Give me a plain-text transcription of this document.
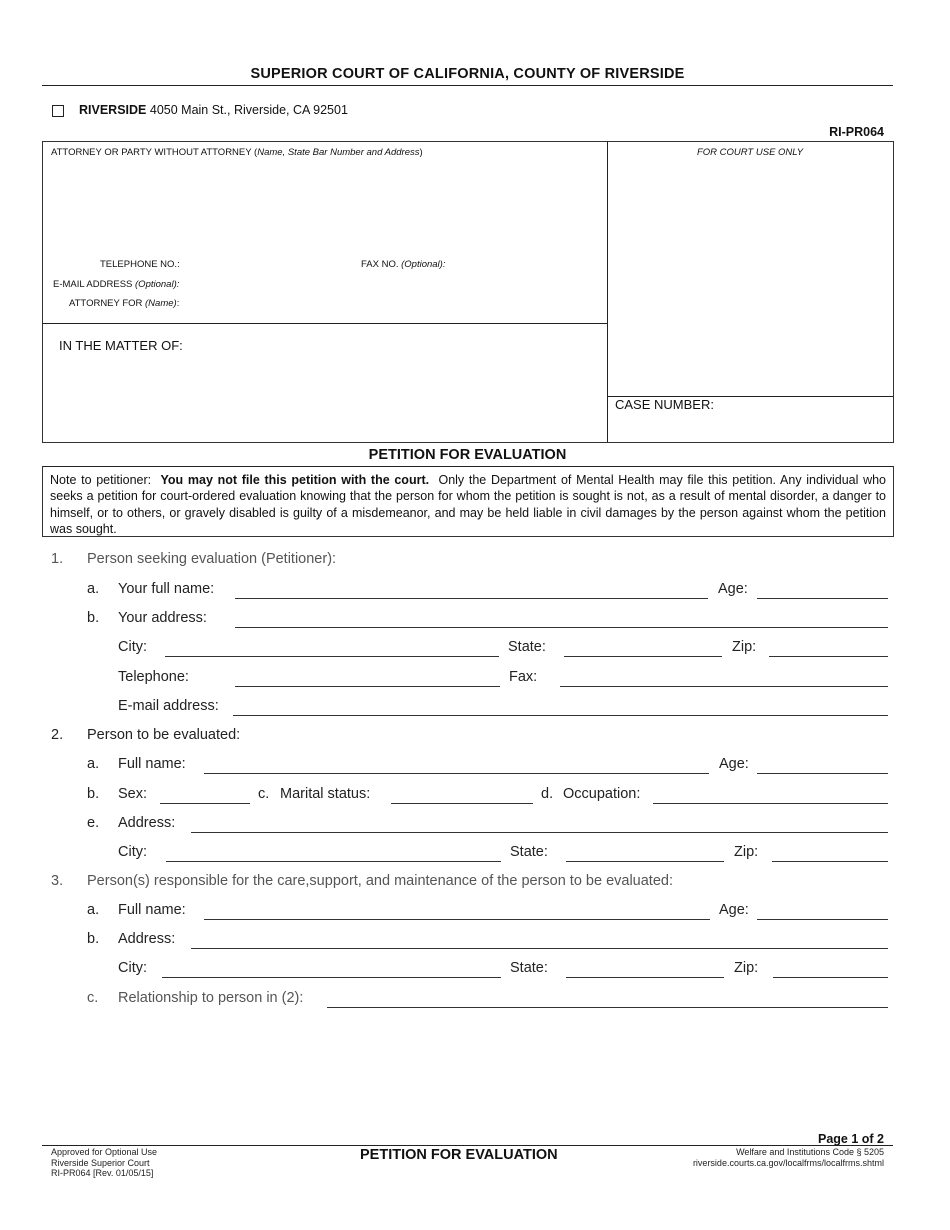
SUPERIOR COURT OF CALIFORNIA, COUNTY OF RIVERSIDE
RIVERSIDE 4050 Main St., Riverside, CA 92501
RI-PR064
ATTORNEY OR PARTY WITHOUT ATTORNEY (Name, State Bar Number and Address)	FOR COURT USE ONLY
TELEPHONE NO.:	FAX NO. (Optional):
E-MAIL ADDRESS (Optional):
ATTORNEY FOR (Name):
IN THE MATTER OF:
CASE NUMBER:
PETITION FOR EVALUATION
Note to petitioner: You may not file this petition with the court. Only the Department of Mental Health may file this petition. Any individual who seeks a petition for court-ordered evaluation knowing that the person for whom the petition is sought is not, as a result of mental disorder, a danger to himself, or to others, or gravely disabled is guilty of a misdemeanor, and may be held liable in civil damages by the person against whom the petition was sought.
1. Person seeking evaluation (Petitioner):
a. Your full name:	Age:
b. Your address:
City:	State:	Zip:
Telephone:	Fax:
E-mail address:
2. Person to be evaluated:
a. Full name:	Age:
b. Sex:	c. Marital status:	d. Occupation:
e. Address:
City:	State:	Zip:
3. Person(s) responsible for the care,support, and maintenance of the person to be evaluated:
a. Full name:	Age:
b. Address:
City:	State:	Zip:
c. Relationship to person in (2):
Page 1 of 2
Approved for Optional Use
Riverside Superior Court
RI-PR064 [Rev. 01/05/15]
PETITION FOR EVALUATION	Welfare and Institutions Code § 5205
riverside.courts.ca.gov/localfrms/localfrms.shtml
